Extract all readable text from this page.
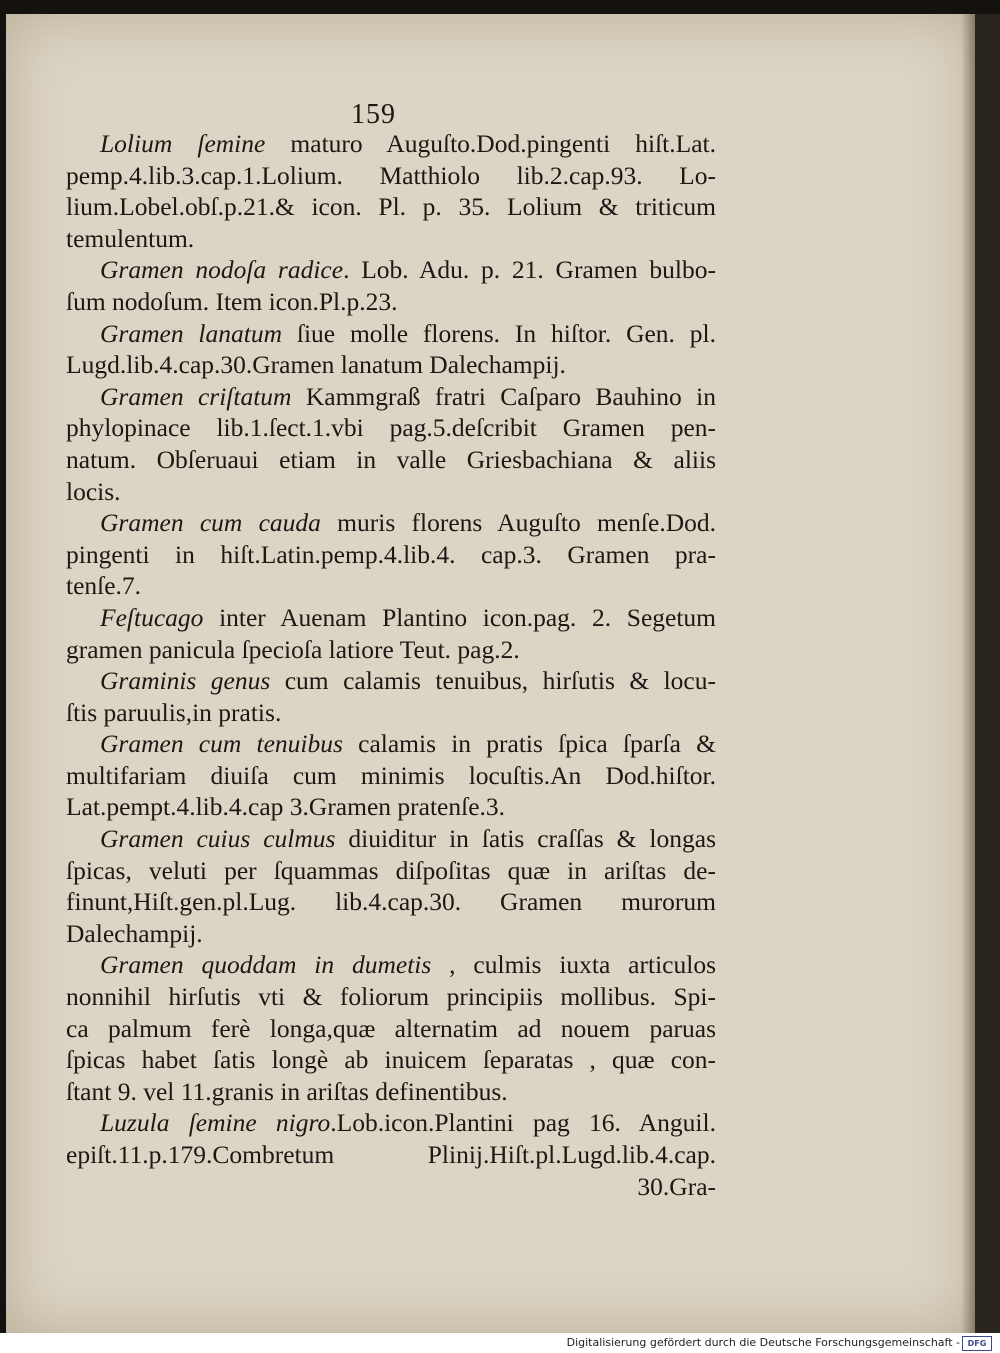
159
Lolium ſemine maturo Auguſto.Dod.pingenti hiſt.Lat.
pemp.4.lib.3.cap.1.Lolium. Matthiolo lib.2.cap.93. Lo-
lium.Lobel.obſ.p.21.& icon. Pl. p. 35. Lolium & triticum
temulentum.
Gramen nodoſa radice. Lob. Adu. p. 21. Gramen bulbo-
ſum nodoſum. Item icon.Pl.p.23.
Gramen lanatum ſiue molle florens. In hiſtor. Gen. pl.
Lugd.lib.4.cap.30.Gramen lanatum Dalechampij.
Gramen criſtatum Kammgraß fratri Caſparo Bauhino in
phylopinace lib.1.ſect.1.vbi pag.5.deſcribit Gramen pen-
natum. Obſeruaui etiam in valle Griesbachiana & aliis
locis.
Gramen cum cauda muris florens Auguſto menſe.Dod.
pingenti in hiſt.Latin.pemp.4.lib.4. cap.3. Gramen pra-
tenſe.7.
Feſtucago inter Auenam Plantino icon.pag. 2. Segetum
gramen panicula ſpecioſa latiore Teut. pag.2.
Graminis genus cum calamis tenuibus, hirſutis & locu-
ſtis paruulis,in pratis.
Gramen cum tenuibus calamis in pratis ſpica ſparſa &
multifariam diuiſa cum minimis locuſtis.An Dod.hiſtor.
Lat.pempt.4.lib.4.cap 3.Gramen pratenſe.3.
Gramen cuius culmus diuiditur in ſatis craſſas & longas
ſpicas, veluti per ſquammas diſpoſitas quæ in ariſtas de-
finunt,Hiſt.gen.pl.Lug. lib.4.cap.30. Gramen murorum
Dalechampij.
Gramen quoddam in dumetis , culmis iuxta articulos
nonnihil hirſutis vti & foliorum principiis mollibus. Spi-
ca palmum ferè longa,quæ alternatim ad nouem paruas
ſpicas habet ſatis longè ab inuicem ſeparatas , quæ con-
ſtant 9. vel 11.granis in ariſtas definentibus.
Luzula ſemine nigro.Lob.icon.Plantini pag 16. Anguil.
epiſt.11.p.179.Combretum Plinij.Hiſt.pl.Lugd.lib.4.cap.
30.Gra-
Digitalisierung gefördert durch die Deutsche Forschungsgemeinschaft - DFG
